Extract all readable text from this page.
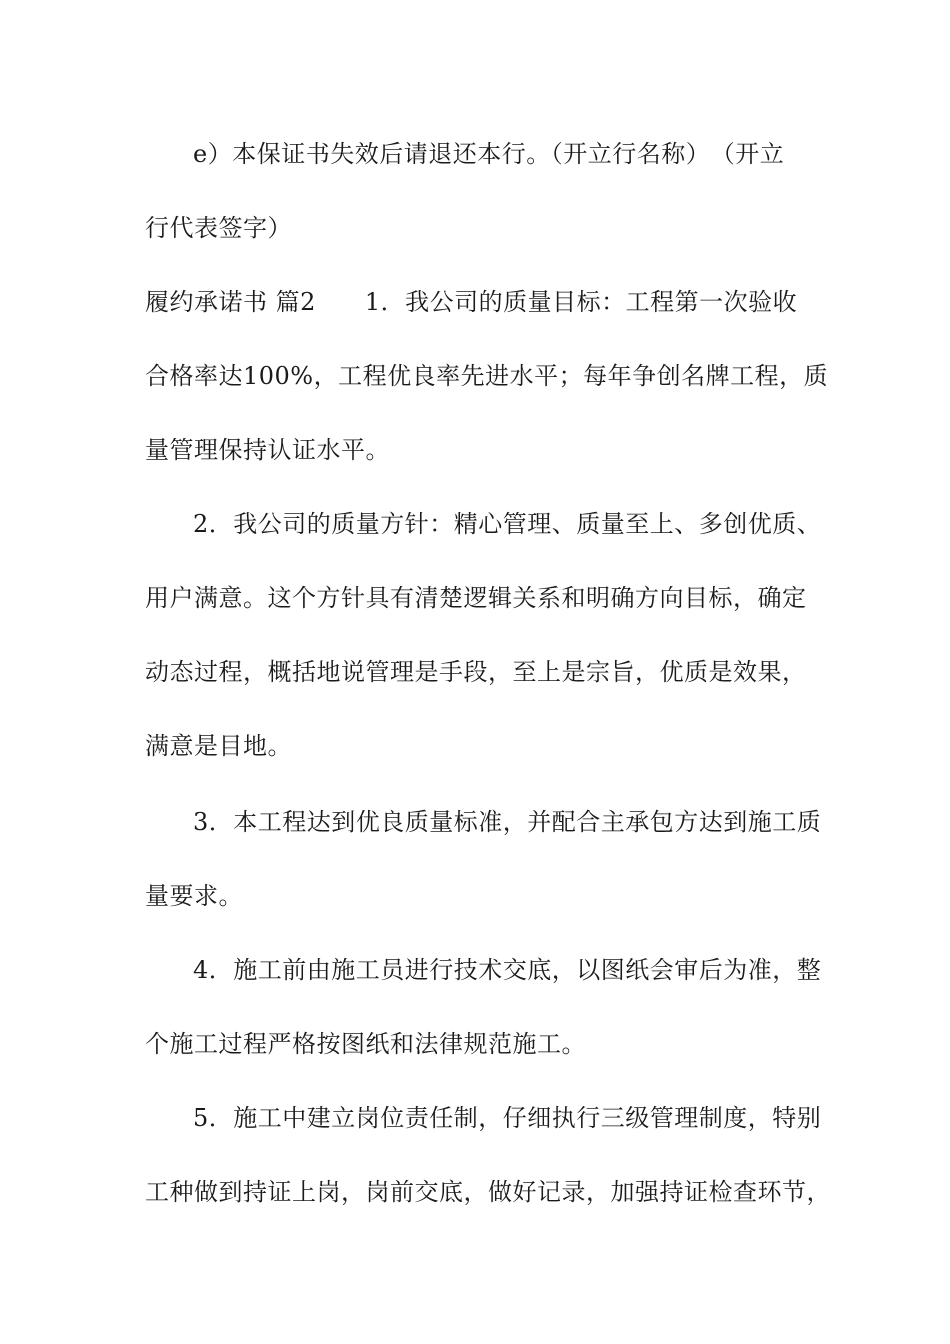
e）本保证书失效后请退还本行。（开立行名称）　（开立
行代表签字）
履约承诺书 篇2　　1．我公司的质量目标：工程第一次验收
合格率达100%，工程优良率先进水平；每年争创名牌工程，质
量管理保持认证水平。
2．我公司的质量方针：精心管理、质量至上、多创优质、
用户满意。这个方针具有清楚逻辑关系和明确方向目标，确定
动态过程，概括地说管理是手段，至上是宗旨，优质是效果，
满意是目地。
3．本工程达到优良质量标准，并配合主承包方达到施工质
量要求。
4．施工前由施工员进行技术交底，以图纸会审后为准，整
个施工过程严格按图纸和法律规范施工。
5．施工中建立岗位责任制，仔细执行三级管理制度，特别
工种做到持证上岗，岗前交底，做好记录，加强持证检查环节，
